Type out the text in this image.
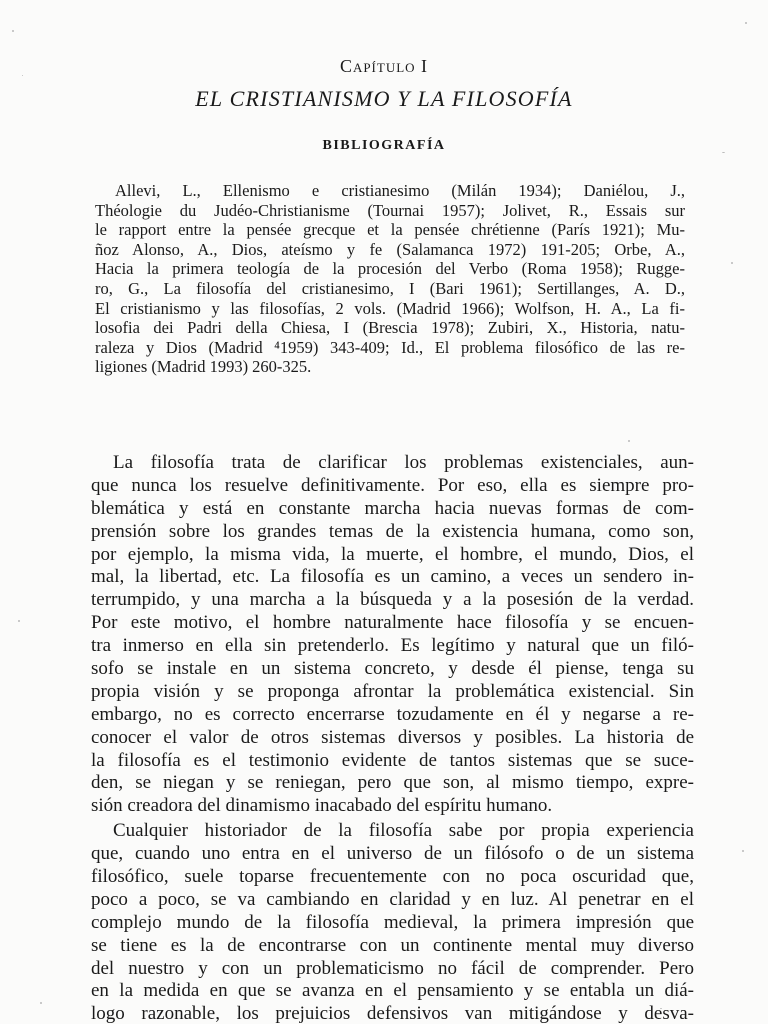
Capítulo I
EL CRISTIANISMO Y LA FILOSOFÍA
BIBLIOGRAFÍA
Allevi, L., Ellenismo e cristianesimo (Milán 1934); Daniélou, J.,
Théologie du Judéo-Christianisme (Tournai 1957); Jolivet, R., Essais sur
le rapport entre la pensée grecque et la pensée chrétienne (París 1921); Mu-
ñoz Alonso, A., Dios, ateísmo y fe (Salamanca 1972) 191-205; Orbe, A.,
Hacia la primera teología de la procesión del Verbo (Roma 1958); Rugge-
ro, G., La filosofía del cristianesimo, I (Bari 1961); Sertillanges, A. D.,
El cristianismo y las filosofías, 2 vols. (Madrid 1966); Wolfson, H. A., La fi-
losofia dei Padri della Chiesa, I (Brescia 1978); Zubiri, X., Historia, natu-
raleza y Dios (Madrid ⁴1959) 343-409; Id., El problema filosófico de las re-
ligiones (Madrid 1993) 260-325.
La filosofía trata de clarificar los problemas existenciales, aun-
que nunca los resuelve definitivamente. Por eso, ella es siempre pro-
blemática y está en constante marcha hacia nuevas formas de com-
prensión sobre los grandes temas de la existencia humana, como son,
por ejemplo, la misma vida, la muerte, el hombre, el mundo, Dios, el
mal, la libertad, etc. La filosofía es un camino, a veces un sendero in-
terrumpido, y una marcha a la búsqueda y a la posesión de la verdad.
Por este motivo, el hombre naturalmente hace filosofía y se encuen-
tra inmerso en ella sin pretenderlo. Es legítimo y natural que un filó-
sofo se instale en un sistema concreto, y desde él piense, tenga su
propia visión y se proponga afrontar la problemática existencial. Sin
embargo, no es correcto encerrarse tozudamente en él y negarse a re-
conocer el valor de otros sistemas diversos y posibles. La historia de
la filosofía es el testimonio evidente de tantos sistemas que se suce-
den, se niegan y se reniegan, pero que son, al mismo tiempo, expre-
sión creadora del dinamismo inacabado del espíritu humano.
Cualquier historiador de la filosofía sabe por propia experiencia
que, cuando uno entra en el universo de un filósofo o de un sistema
filosófico, suele toparse frecuentemente con no poca oscuridad que,
poco a poco, se va cambiando en claridad y en luz. Al penetrar en el
complejo mundo de la filosofía medieval, la primera impresión que
se tiene es la de encontrarse con un continente mental muy diverso
del nuestro y con un problematicismo no fácil de comprender. Pero
en la medida en que se avanza en el pensamiento y se entabla un diá-
logo razonable, los prejuicios defensivos van mitigándose y desva-
